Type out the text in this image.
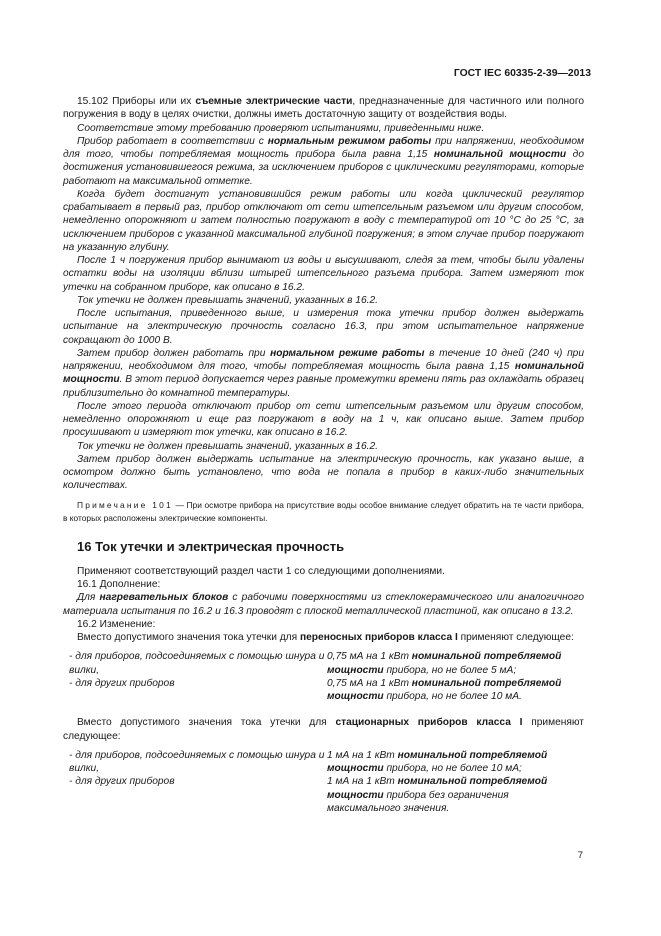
ГОСТ IEC 60335-2-39—2013

15.102 Приборы или их съемные электрические части, предназначенные для частичного или полного погружения в воду в целях очистки, должны иметь достаточную защиту от воздействия воды.

Соответствие этому требованию проверяют испытаниями, приведенными ниже.

Прибор работает в соответствии с нормальным режимом работы при напряжении, необходимом для того, чтобы потребляемая мощность прибора была равна 1,15 номинальной мощности до достижения установившегося режима, за исключением приборов с циклическими регуляторами, которые работают на максимальной отметке.

Когда будет достигнут установившийся режим работы или когда циклический регулятор срабатывает в первый раз, прибор отключают от сети штепсельным разъемом или другим способом, немедленно опорожняют и затем полностью погружают в воду с температурой от 10 °С до 25 °С, за исключением приборов с указанной максимальной глубиной погружения; в этом случае прибор погружают на указанную глубину.

После 1 ч погружения прибор вынимают из воды и высушивают, следя за тем, чтобы были удалены остатки воды на изоляции вблизи штырей штепсельного разъема прибора. Затем измеряют ток утечки на собранном приборе, как описано в 16.2.

Ток утечки не должен превышать значений, указанных в 16.2.

После испытания, приведенного выше, и измерения тока утечки прибор должен выдержать испытание на электрическую прочность согласно 16.3, при этом испытательное напряжение сокращают до 1000 В.

Затем прибор должен работать при нормальном режиме работы в течение 10 дней (240 ч) при напряжении, необходимом для того, чтобы потребляемая мощность была равна 1,15 номинальной мощности. В этот период допускается через равные промежутки времени пять раз охлаждать образец приблизительно до комнатной температуры.

После этого периода отключают прибор от сети штепсельным разъемом или другим способом, немедленно опорожняют и еще раз погружают в воду на 1 ч, как описано выше. Затем прибор просушивают и измеряют ток утечки, как описано в 16.2.

Ток утечки не должен превышать значений, указанных в 16.2.

Затем прибор должен выдержать испытание на электрическую прочность, как указано выше, а осмотром должно быть установлено, что вода не попала в прибор в каких-либо значительных количествах.

Примечание 101 — При осмотре прибора на присутствие воды особое внимание следует обратить на те части прибора, в которых расположены электрические компоненты.

16 Ток утечки и электрическая прочность

Применяют соответствующий раздел части 1 со следующими дополнениями.

16.1 Дополнение:

Для нагревательных блоков с рабочими поверхностями из стеклокерамического или аналогичного материала испытания по 16.2 и 16.3 проводят с плоской металлической пластиной, как описано в 13.2.

16.2 Изменение:

Вместо допустимого значения тока утечки для переносных приборов класса I применяют следующее:

- для приборов, подсоединяемых с помощью шнура и вилки,
0,75 мА на 1 кВт номинальной потребляемой мощности прибора, но не более 5 мА;
- для других приборов	0,75 мА на 1 кВт номинальной потребляемой мощности прибора, но не более 10 мА.

Вместо допустимого значения тока утечки для стационарных приборов класса I применяют следующее:

- для приборов, подсоединяемых с помощью шнура и вилки,
1 мА на 1 кВт номинальной потребляемой мощности прибора, но не более 10 мА;
- для других приборов	1 мА на 1 кВт номинальной потребляемой мощности прибора без ограничения максимального значения.
7
